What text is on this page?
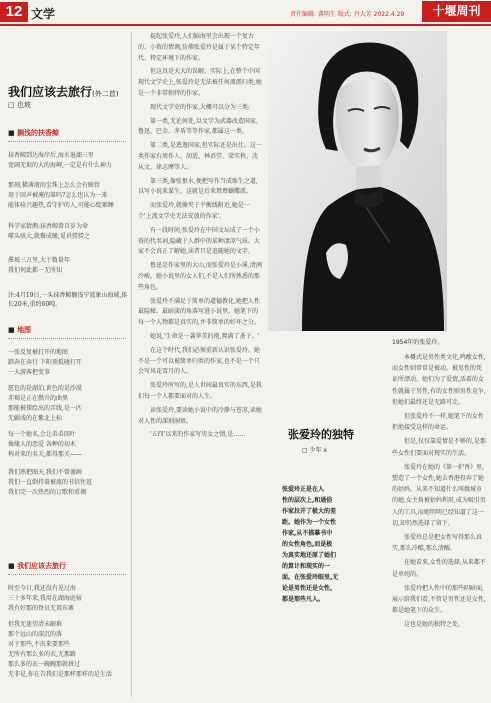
12 文学	责任编辑: 龚明生 版式: 丹大芳 2022.4.29	十堰周刊
我们应该去旅行(外二首)
□ 也坡
■ 搁浅的扶香鲸
抹香鲸到达海岸后,海水退潮三里
宽阔无垠的大的海岬,一定是有什么神力
那刻,稀薄液的尘珠上怎么会有鲸骨
用于回声被淹的第吗?怎么也认为一来
能体验兴趣热,看守护的人,可能心绽难睡
科学家猜测:抹香鲸曾百岁为命
噬头骇大,就餐成鳍,觅讲捞捞之
滞坡三万里,大于数量年
我们何此都一无所知
注:4月19日,一头抹香鲸搁浅宁波象山海域,体长20米,重约60吨。
■ 地图
一张反复被打开的地图
踏奔在奔行 下阳顶抵碰打开
一大游客把变事
愿色的是湖泊,黄色的是沙漠
赤褐是正在燃升的曲黑
那能被探绘出的弄线,是一匹
无疆浅的在紫北上标
每一个她名,会让弟弟回叶
像缘人的恋爱 各种的初木
称对来的名关,都得那关——
我们熟把图天,我们不曾谨画
我们一直倒持着被流的书信往返
我们完一次热烈的订歌和重调
■ 我们应该去旅行
时至今日,我还没有见过海
三十多年来,我用在湖海庭宿
我有好那的脊员无双东寨
但我无迷望清末解难
那个远山的深沉的落
对于那些,不出来要那些
无所有那么多的衣,无那路
那么多的衣一碗碗那就拼过
无非是,你在告我们是那样那样的是生活

提起张爱玲,人们脑海里会出现一个复古的、小资的情调,仿佛张爱玲是属于某个特定年代、特定环境下的作家。

但这真是天大的误解。实际上,在整个中国现代文学史上,张爱玲是无法被任何流派归类,她是一个非常独特的作家。

现代文学史的作家,大概可以分为三类:

第一类,无论何处,以文学为武器改造国家。鲁迅、巴金、茅盾等等作家,都属这一类。

第二类,是逃逸国家,但实际还是出仕。这一类作家有周作人、胡适、林语堂、梁实秋、沈从文、徐志摩等人。

第三类,像张恨水,便把写作当成维生之道,以写小说来谋生。这就是后来鸳鸯蝴蝶派。

而张爱玲,就像夹于平衡线附近,她是一个'上流文学史无法安放的作家'。

有一段时间,张爱玲在中国文坛成了一个小资的代名词,隐藏于人群中的某种凄凉气质。大家不会真正了解她,读者只是追随她的文字。

鲁迅是作家里的大山,而张爱玲是小溪,清冽冷峻。她小说里的女人们,不是人们所熟悉的那些角色。

张爱玲不满足于简单的道德教化,她把人性最隐秘、最暗淡的角落写进小说里。她笔下的每一个人物都是真实的,并非简单的好坏之分。

她说,'生命是一袭华美的袍,爬满了蚤子。'

在这个时代,我们必须重新认识张爱玲。她不是一个可以被简单归类的作家,也不是一个只会写风花雪月的人。

张爱玲所写的,是人世间最真实的东西,是我们每一个人都要面对的人生。

读张爱玲,要读她小说中的冷静与苍凉,读她对人性的深刻洞察。

'五四'以来的作家写男女之情,是……

1954年的张爱玲。
张爱玲的独特
□ 少年 x
张爱玲正是在人
性的层次上,和通俗
作家拉开了极大的差
距。她作为一个女性
作家,从不描摹书中
的女性角色,而是极
为真实地还原了她们
的算计和现实的一
面。在张爱玲眼里,无
论是男性还是女性,
都是那些凡人。

本概式是男性类文化,鸣酸女性,而女性则常常是被动、被男性的凭证所漂动。她们为了爱情,活着的女性就属于男性,有的女性则男性竞争,但她们最终还是无路可走。

但张爱玲不一样,她笔下的女性拒绝接受这样的命运。

但是,仅仅靠爱情是不够的,是那些女性们要面对现实的生活。

张爱玲在她的《第一炉香》里,塑造了一个女性,她去香港投奔了她的姑妈。从来不知道什么叫做城市的她,女主角被姑妈利用,成为吸引男人的工具,而她明明已经知道了这一切,却仍然选择了留下。

张爱玲总是把女性写得那么真实,那么冷酷,那么清醒。

在她看来,女性的选择,从来都不是单纯的。

张爱玲把人性中的那些阴暗面,展示给我们看,不管是男性还是女性,都是她笔下的众生。

这也是她的独特之处。
